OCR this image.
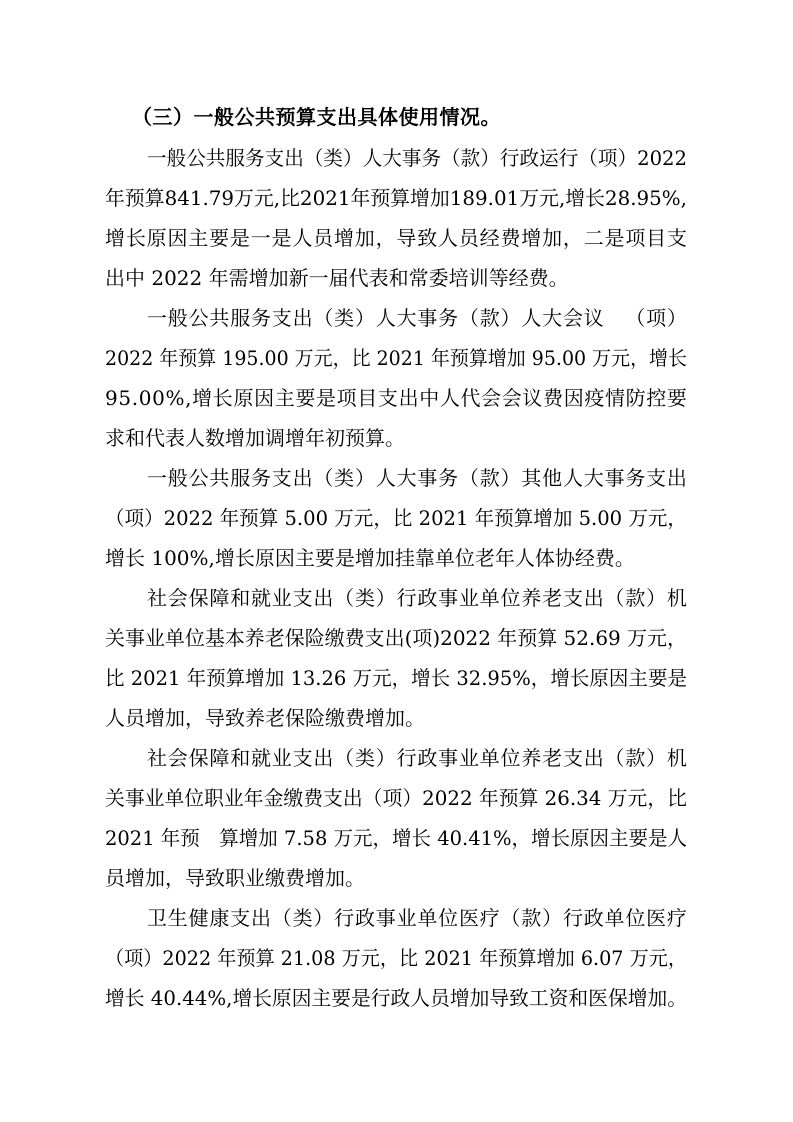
（三）一般公共预算支出具体使用情况。
一般公共服务支出（类）人大事务（款）行政运行（项）2022
年预算841.79万元,比2021年预算增加189.01万元,增长28.95%,
增 长 原 因 主 要 是 一 是 人 员 增 加 ， 导 致 人 员 经 费 增 加 ， 二 是 项 目 支
出中 2022 年需增加新一届代表和常委培训等经费。
一 般 公 共 服 务 支 出 （ 类 ） 人 大 事 务 （ 款 ） 人 大 会 议
　 （ 项 ）
2022 年预算 195.00 万元，比 2021 年预算增加 95.00 万元，增长
9 5 . 0 0 % , 增 长 原 因 主 要 是 项 目 支 出 中 人 代 会 会 议 费 因 疫 情 防 控 要
求和代表人数增加调增年初预算。
一 般 公 共 服 务 支 出 （ 类 ） 人 大 事 务 （ 款 ） 其 他 人 大 事 务 支 出
（项）2022 年预算 5.00 万元，比 2021 年预算增加 5.00 万元，
增长 100%,增长原因主要是增加挂靠单位老年人体协经费。
社 会 保 障 和 就 业 支 出 （ 类 ） 行 政 事 业 单 位 养 老 支 出 （ 款 ） 机
关事业单位基本养老保险缴费支出(项)2022 年预算 52.69 万元，
比 2021 年预算增加 13.26 万元，增长 32.95%，增长原因主要是
人员增加，导致养老保险缴费增加。
社 会 保 障 和 就 业 支 出 （ 类 ） 行 政 事 业 单 位 养 老 支 出 （ 款 ） 机
关事业单位职业年金缴费支出（项）2022 年预算 26.34 万元，比
2021 年预　算增加 7.58 万元，增长 40.41%，增长原因主要是人
员增加，导致职业缴费增加。
卫 生 健 康 支 出 （ 类 ） 行 政 事 业 单 位 医 疗 （ 款 ） 行 政 单 位 医 疗
（项）2022 年预算 21.08 万元，比 2021 年预算增加 6.07 万元，
增长 40.44%,增长原因主要是行政人员增加导致工资和医保增加。
